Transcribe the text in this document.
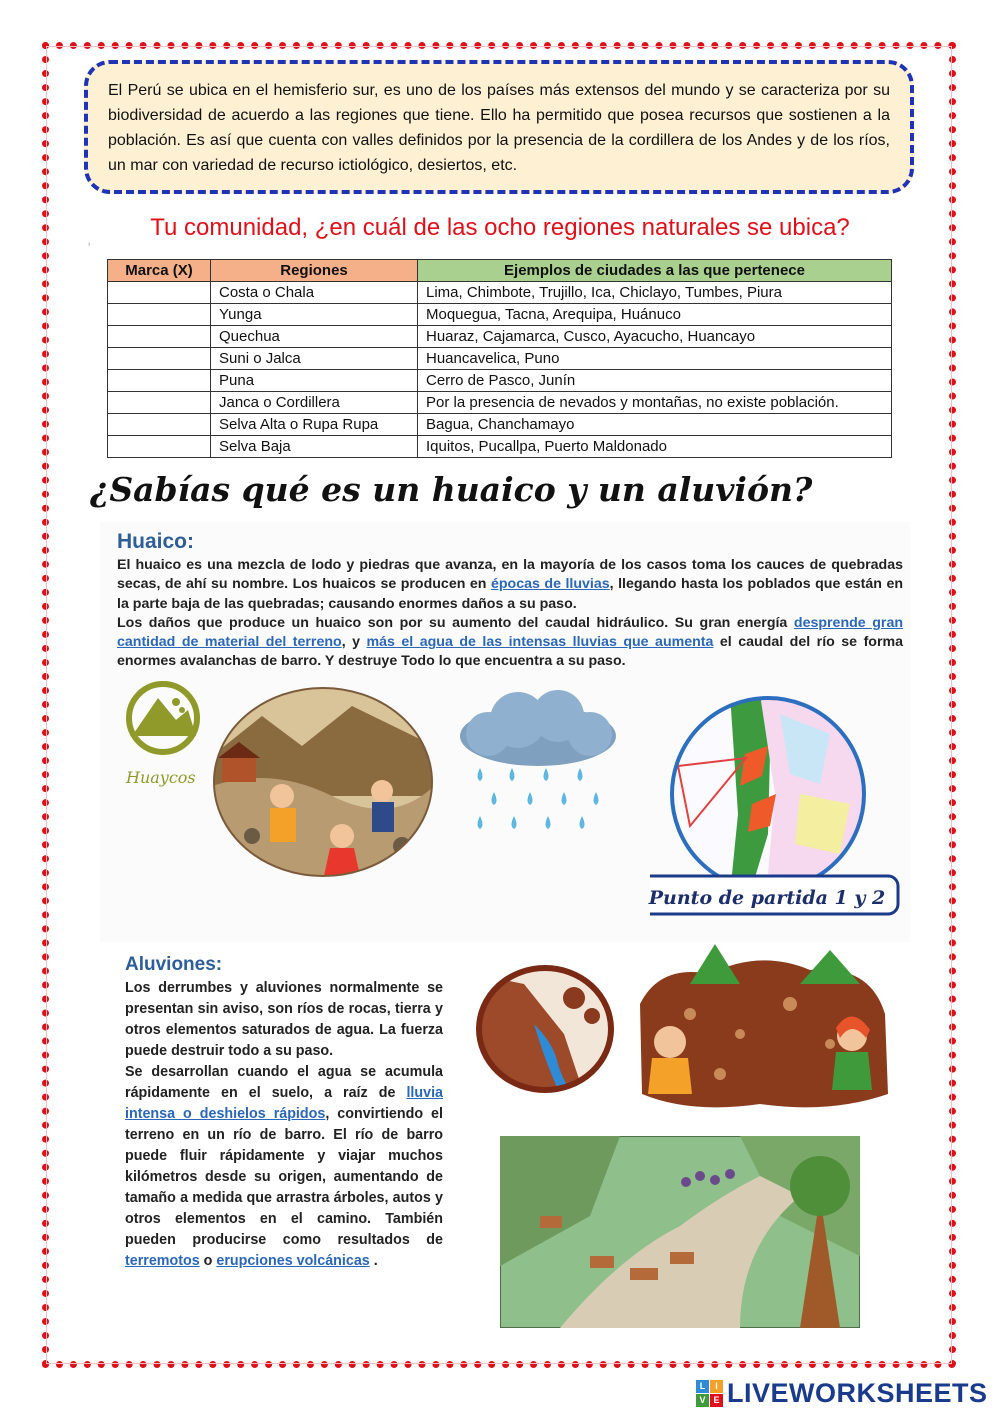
El Perú se ubica en el hemisferio sur, es uno de los países más extensos del mundo y se caracteriza por su biodiversidad de acuerdo a las regiones que tiene. Ello ha permitido que posea recursos que sostienen a la población. Es así que cuenta con valles definidos por la presencia de la cordillera de los Andes y de los ríos, un mar con variedad de recurso ictiológico, desiertos, etc.
Tu comunidad, ¿en cuál de las ocho regiones naturales se ubica?
³
Marca (X)	Regiones	Ejemplos de ciudades a las que pertenece
	Costa o Chala	Lima, Chimbote, Trujillo, Ica, Chiclayo, Tumbes, Piura
	Yunga	Moquegua, Tacna, Arequipa, Huánuco
	Quechua	Huaraz, Cajamarca, Cusco, Ayacucho, Huancayo
	Suni o Jalca	Huancavelica, Puno
	Puna	Cerro de Pasco, Junín
	Janca o Cordillera	Por la presencia de nevados y montañas, no existe población.
	Selva Alta o Rupa Rupa	Bagua, Chanchamayo
	Selva Baja	Iquitos, Pucallpa, Puerto Maldonado
¿Sabías qué es un huaico y un aluvión?
Huaico:
El huaico es una mezcla de lodo y piedras que avanza, en la mayoría de los casos toma los cauces de quebradas secas, de ahí su nombre. Los huaicos se producen en épocas de lluvias, llegando hasta los poblados que están en la parte baja de las quebradas; causando enormes daños a su paso.
Los daños que produce un huaico son por su aumento del caudal hidráulico. Su gran energía desprende gran cantidad de material del terreno, y más el agua de las intensas lluvias que aumenta el caudal del río se forma enormes avalanchas de barro. Y destruye Todo lo que encuentra a su paso.
Huaycos
Punto de partida 1 y 2
Aluviones:
Los derrumbes y aluviones normalmente se presentan sin aviso, son ríos de rocas, tierra y otros elementos saturados de agua. La fuerza puede destruir todo a su paso.
Se desarrollan cuando el agua se acumula rápidamente en el suelo, a raíz de lluvia intensa o deshielos rápidos, convirtiendo el terreno en un río de barro. El río de barro puede fluir rápidamente y viajar muchos kilómetros desde su origen, aumentando de tamaño a medida que arrastra árboles, autos y otros elementos en el camino. También pueden producirse como resultados de terremotos o erupciones volcánicas .
L	I
V E LIVEWORKSHEETS
